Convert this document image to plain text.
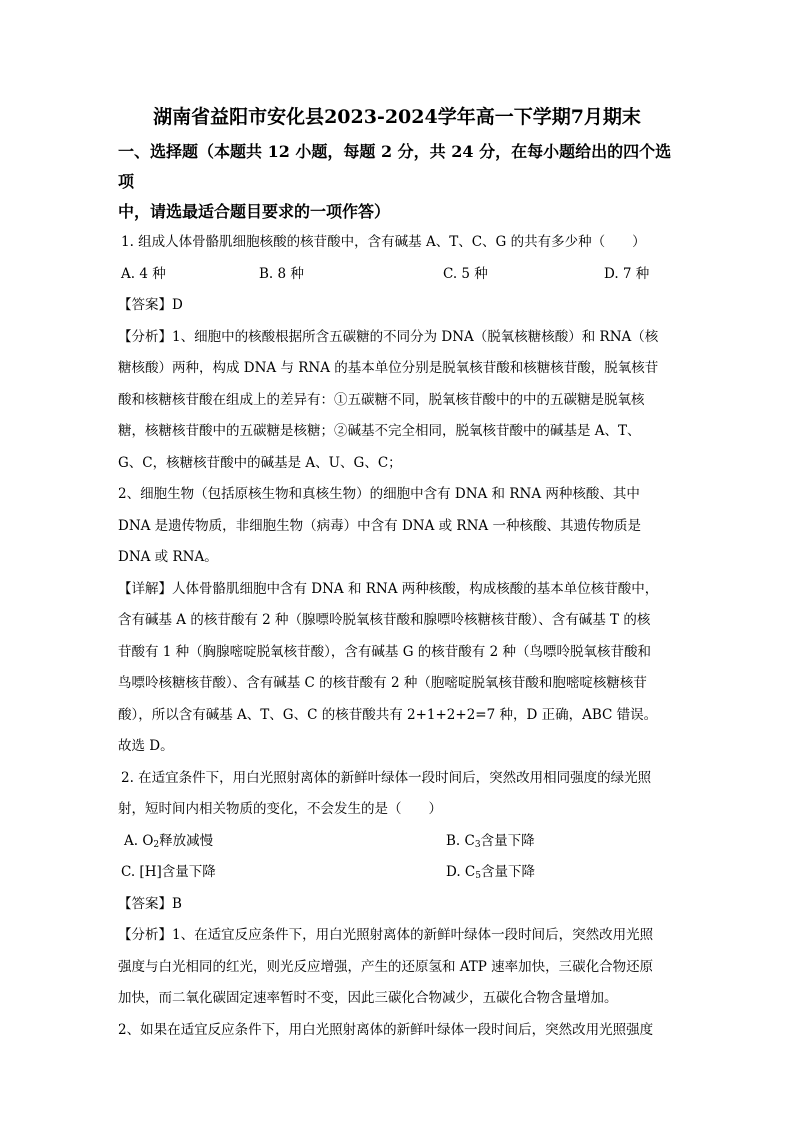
湖南省益阳市安化县2023-2024学年高一下学期7月期末
一、选择题（本题共 12 小题，每题 2 分，共 24 分，在每小题给出的四个选项
中，请选最适合题目要求的一项作答）
1. 组成人体骨骼肌细胞核酸的核苷酸中，含有碱基 A、T、C、G 的共有多少种（　　）
A. 4 种	B. 8 种	C. 5 种	D. 7 种
【答案】D
【分析】1、细胞中的核酸根据所含五碳糖的不同分为 DNA（脱氧核糖核酸）和 RNA（核
糖核酸）两种，构成 DNA 与 RNA 的基本单位分别是脱氧核苷酸和核糖核苷酸，脱氧核苷
酸和核糖核苷酸在组成上的差异有：①五碳糖不同，脱氧核苷酸中的中的五碳糖是脱氧核
糖，核糖核苷酸中的五碳糖是核糖；②碱基不完全相同，脱氧核苷酸中的碱基是 A、T、
G、C，核糖核苷酸中的碱基是 A、U、G、C；
2、细胞生物（包括原核生物和真核生物）的细胞中含有 DNA 和 RNA 两种核酸、其中
DNA 是遗传物质，非细胞生物（病毒）中含有 DNA 或 RNA 一种核酸、其遗传物质是
DNA 或 RNA。
【详解】人体骨骼肌细胞中含有 DNA 和 RNA 两种核酸，构成核酸的基本单位核苷酸中，
含有碱基 A 的核苷酸有 2 种（腺嘌呤脱氧核苷酸和腺嘌呤核糖核苷酸）、含有碱基 T 的核
苷酸有 1 种（胸腺嘧啶脱氧核苷酸），含有碱基 G 的核苷酸有 2 种（鸟嘌呤脱氧核苷酸和
鸟嘌呤核糖核苷酸）、含有碱基 C 的核苷酸有 2 种（胞嘧啶脱氧核苷酸和胞嘧啶核糖核苷
酸），所以含有碱基 A、T、G、C 的核苷酸共有 2+1+2+2=7 种，D 正确，ABC 错误。
故选 D。
2. 在适宜条件下，用白光照射离体的新鲜叶绿体一段时间后，突然改用相同强度的绿光照
射，短时间内相关物质的变化，不会发生的是（　　）
A. $O_2$释放减慢	B. $C_3$含量下降
C. [H]含量下降	D. $C_5$含量下降
【答案】B
【分析】1、在适宜反应条件下，用白光照射离体的新鲜叶绿体一段时间后，突然改用光照
强度与白光相同的红光，则光反应增强，产生的还原氢和 ATP 速率加快，三碳化合物还原
加快，而二氧化碳固定速率暂时不变，因此三碳化合物减少，五碳化合物含量增加。
2、如果在适宜反应条件下，用白光照射离体的新鲜叶绿体一段时间后，突然改用光照强度
